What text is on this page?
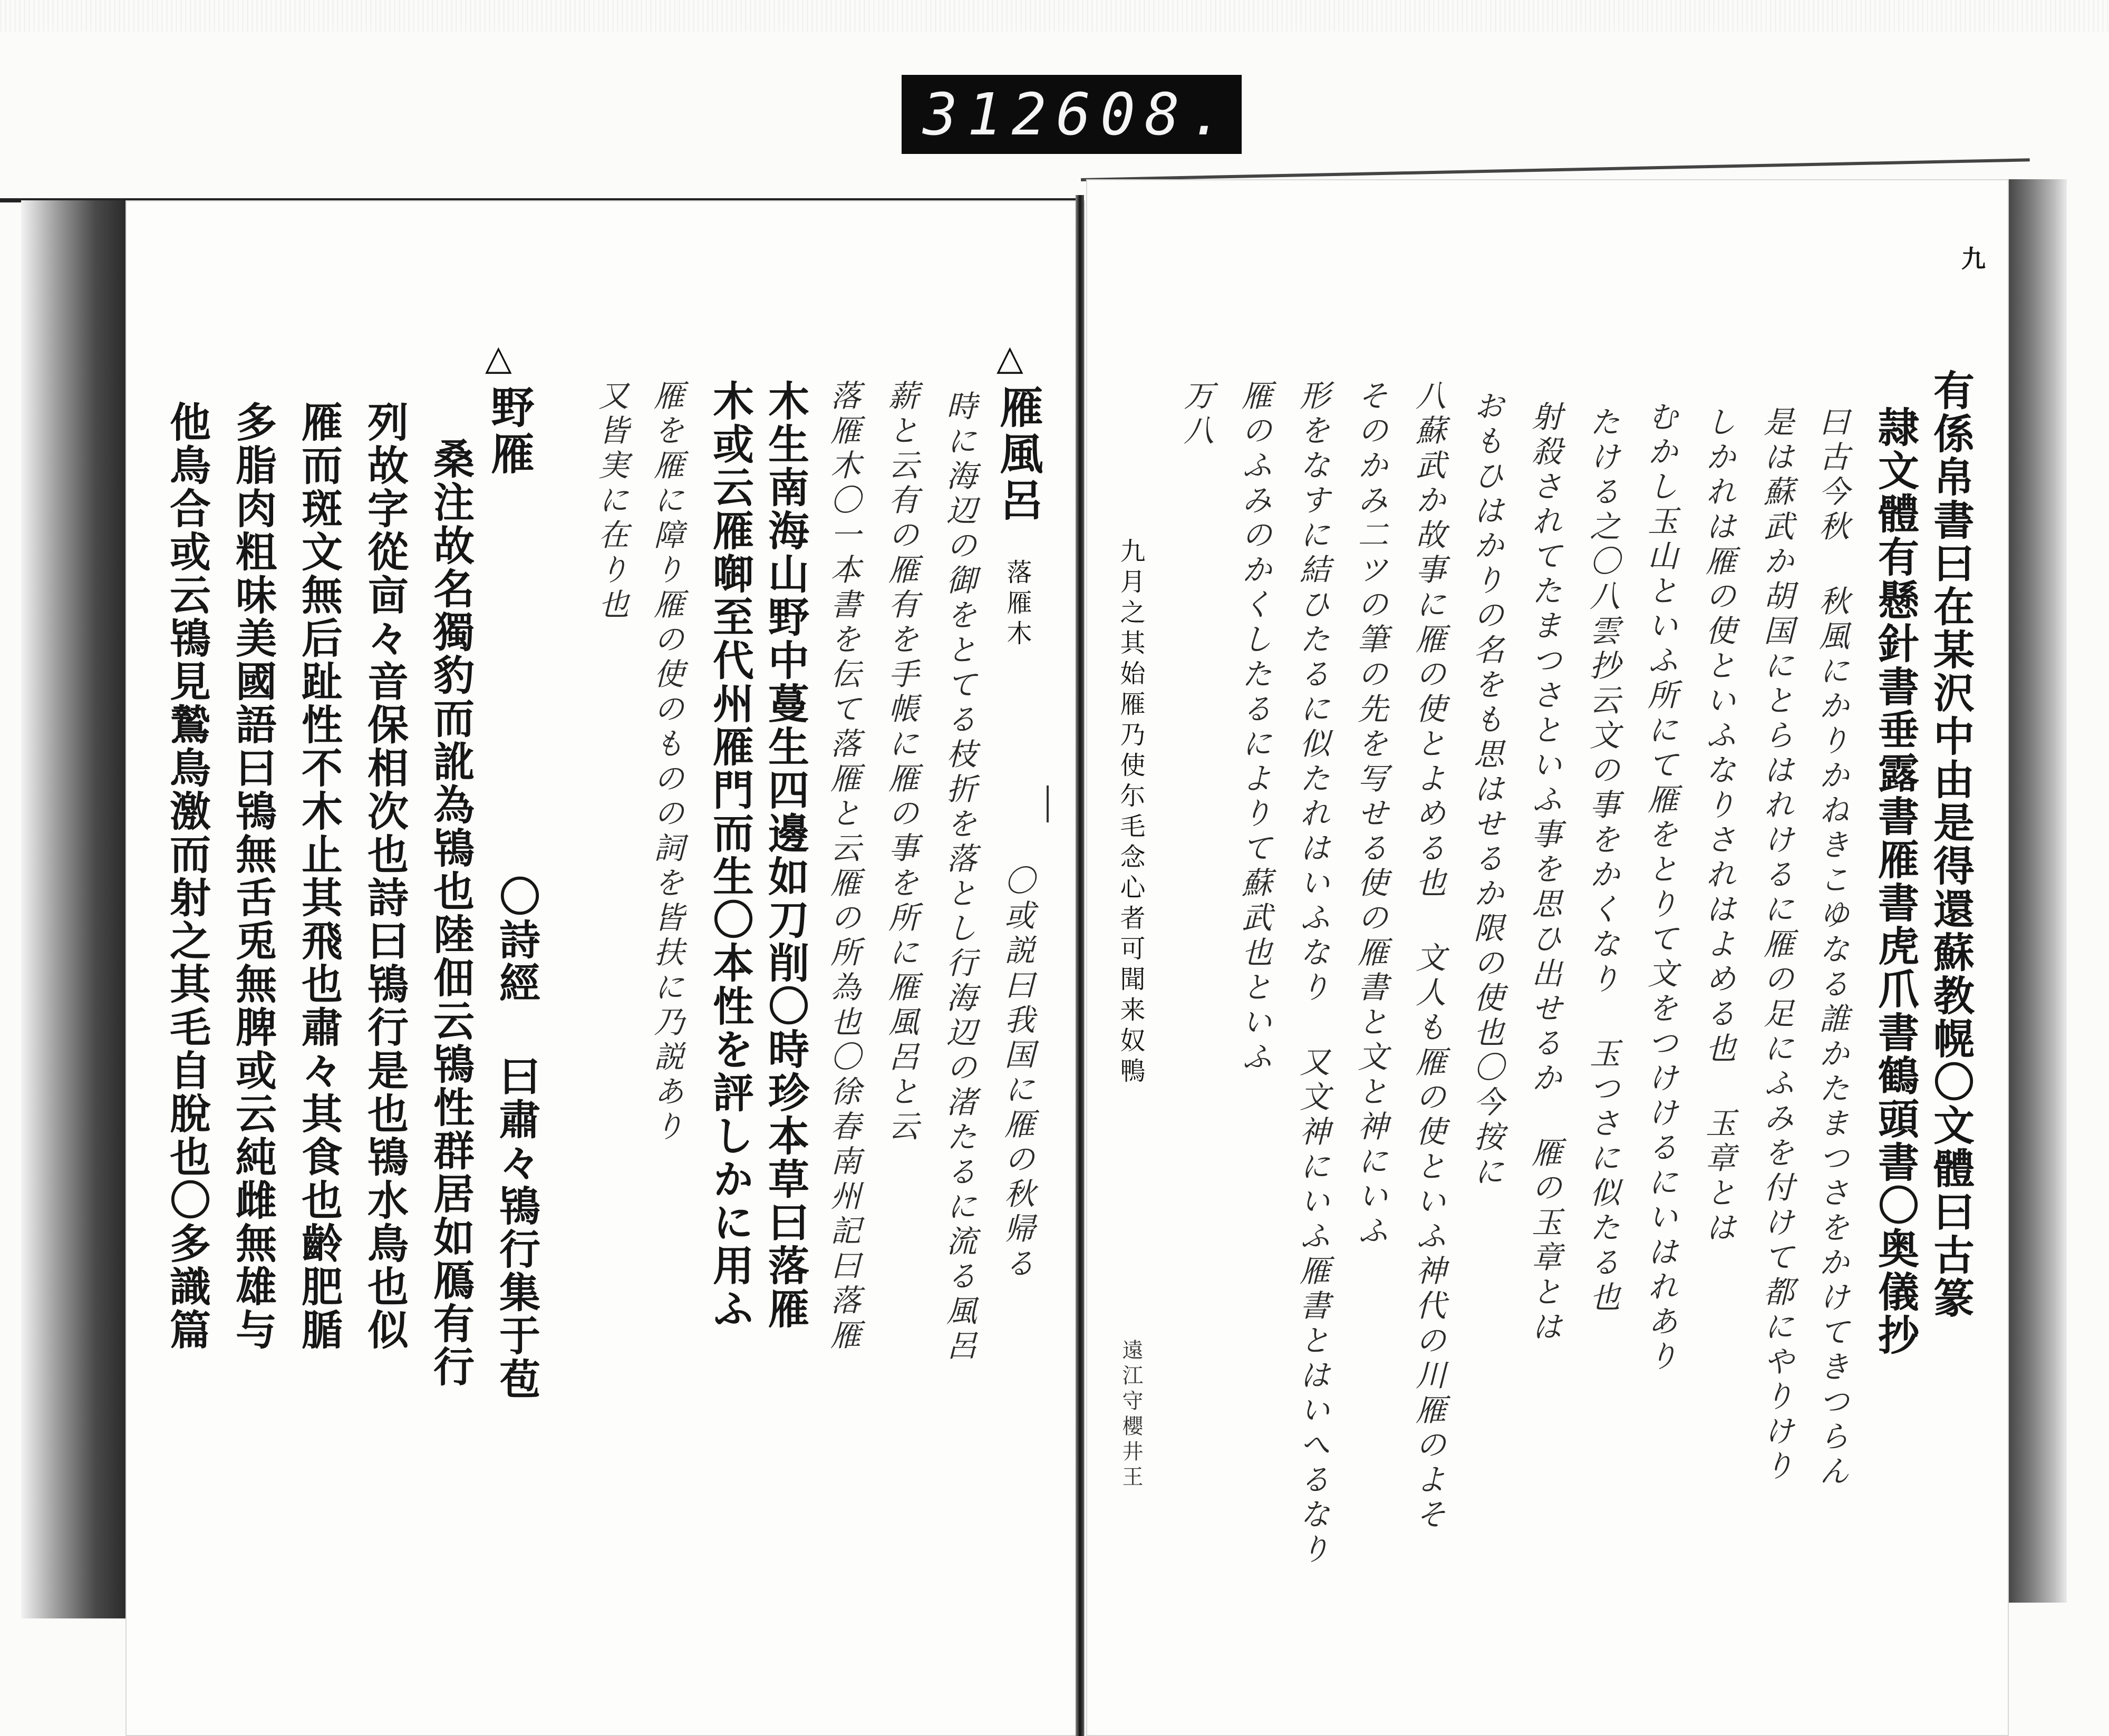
312 608.
九
有係帛書曰在某沢中由是得還蘇教幌〇文體曰古篆
隷文體有懸針書垂露書雁書虎爪書鶴頭書〇奥儀抄
曰古今秋 秋風にかりかねきこゆなる誰かたまつさをかけてきつらん
是は蘇武か胡国にとらはれけるに雁の足にふみを付けて都にやりけり
しかれは雁の使といふなりされはよめる也 玉章とは
むかし玉山といふ所にて雁をとりて文をつけけるにいはれあり
たける之〇八雲抄云文の事をかくなり 玉つさに似たる也
射殺されてたまつさといふ事を思ひ出せるか 雁の玉章とは
おもひはかりの名をも思はせるか限の使也〇今按に
八蘇武か故事に雁の使とよめる也 文人も雁の使といふ神代の川雁のよそ
そのかみ二ツの筆の先を写せる使の雁書と文と神にいふ
形をなすに結ひたるに似たれはいふなり 又文神にいふ雁書とはいへるなり
雁のふみのかくしたるによりて蘇武也といふ
万八
九月之其始雁乃使尓毛念心者可聞来奴鴨
遠江守櫻井王
△
雁風呂
落雁木
〇或説曰我国に雁の秋帰る
時に海辺の御をとてる枝折を落とし行海辺の渚たるに流る風呂
薪と云有の雁有を手帳に雁の事を所に雁風呂と云
落雁木〇一本書を伝て落雁と云雁の所為也〇徐春南州記曰落雁
木生南海山野中蔓生四邊如刀削〇時珍本草曰落雁
木或云雁啣至代州雁門而生〇本性を評しかに用ふ
雁を雁に障り雁の使のものの詞を皆扶に乃説あり
又皆実に在り也
△
野雁
〇詩經 曰肅々鴇行集于苞
桑注故名獨豹而訛為鴇也陸佃云鴇性群居如鴈有行
列故字從㐭々音保相次也詩曰鴇行是也鴇水鳥也似
雁而斑文無后趾性不木止其飛也肅々其食也齡肥腯
多脂肉粗味美國語曰鴇無舌兎無脾或云純雌無雄与
他鳥合或云鴇見鷙鳥激而射之其毛自脫也〇多識篇
